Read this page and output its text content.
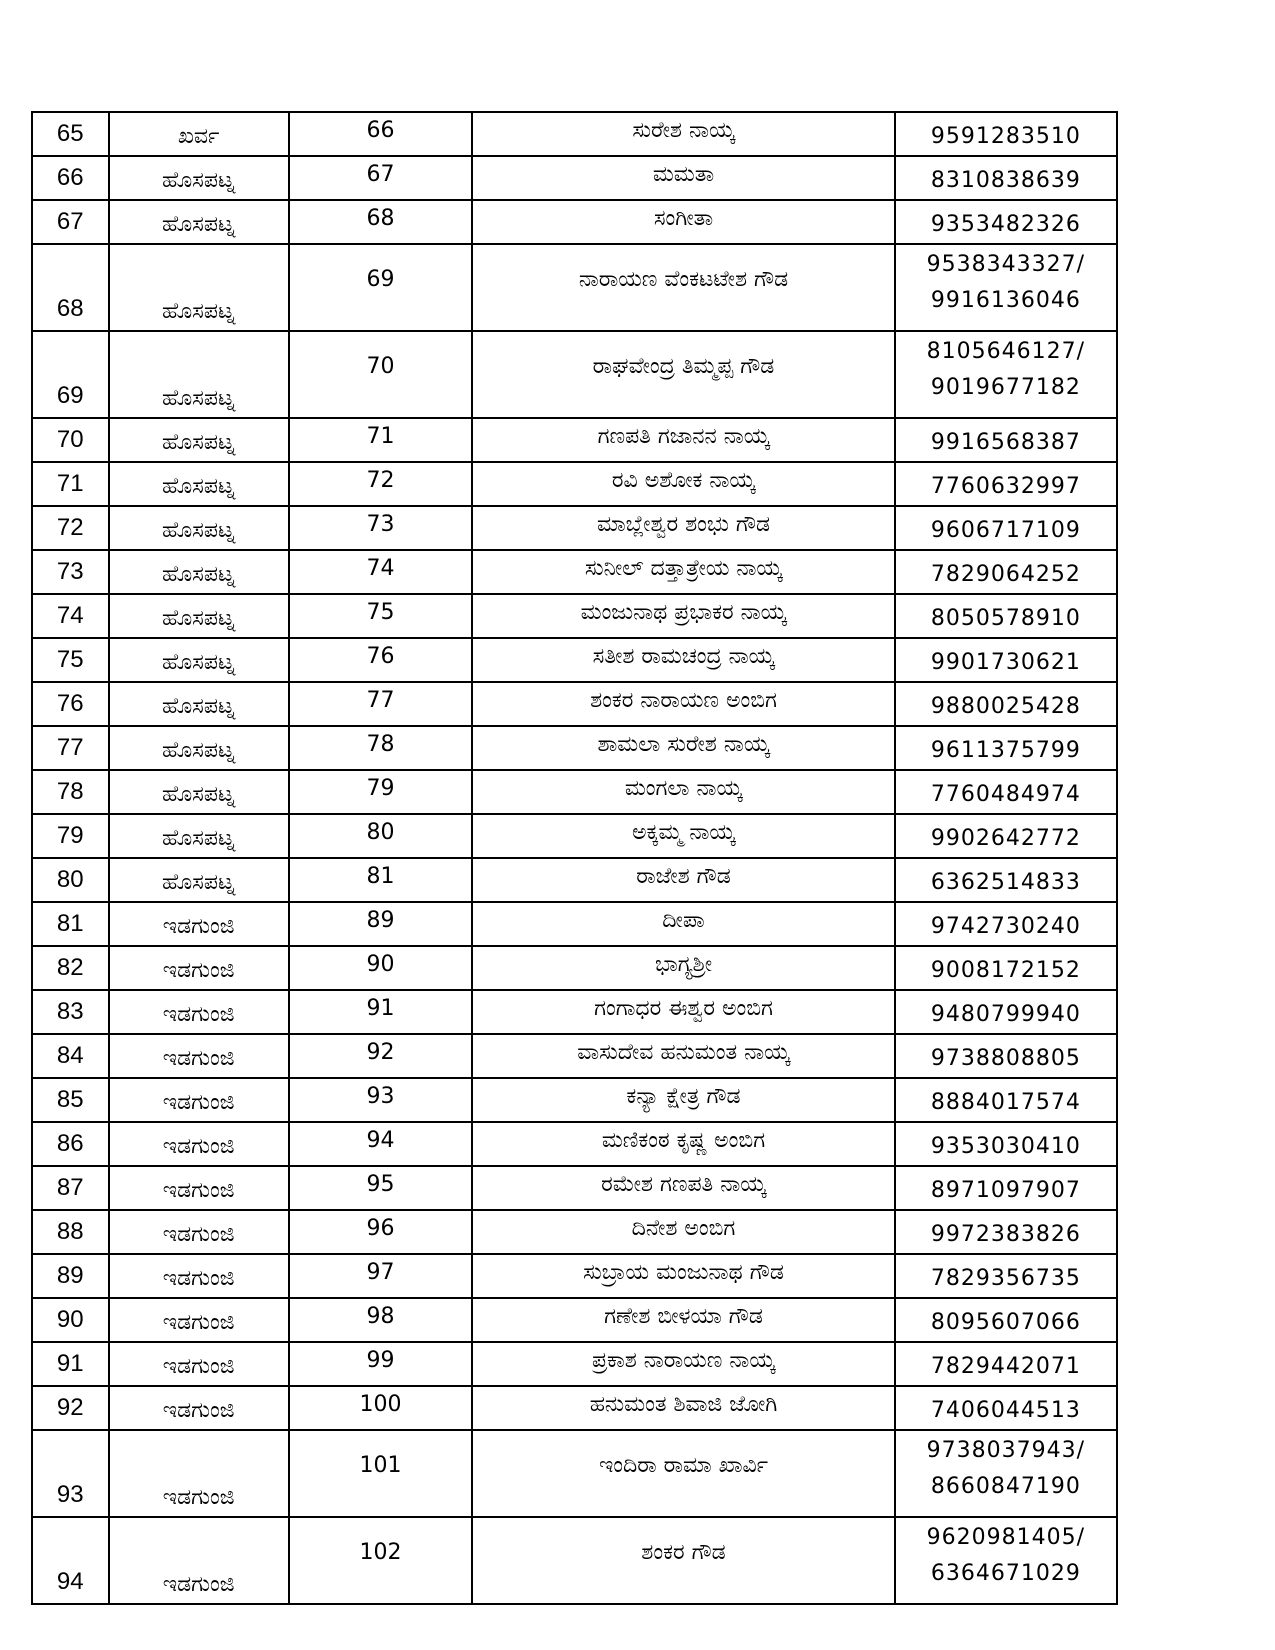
65	ಖರ್ವ	66	ಸುರೇಶ ನಾಯ್ಕ	9591283510

66	ಹೊಸಪಟ್ನ	67	ಮಮತಾ	8310838639

67	ಹೊಸಪಟ್ನ	68	ಸಂಗೀತಾ	9353482326

68	ಹೊಸಪಟ್ನ	69	ನಾರಾಯಣ ವೆಂಕಟಟೇಶ ಗೌಡ	9538343327/
9916136046

69	ಹೊಸಪಟ್ನ	70	ರಾಘವೇಂದ್ರ ತಿಮ್ಮಪ್ಪ ಗೌಡ	8105646127/
9019677182

70	ಹೊಸಪಟ್ನ	71	ಗಣಪತಿ ಗಜಾನನ ನಾಯ್ಕ	9916568387

71	ಹೊಸಪಟ್ನ	72	ರವಿ ಅಶೋಕ ನಾಯ್ಕ	7760632997

72	ಹೊಸಪಟ್ನ	73	ಮಾಬ್ಲೇಶ್ವರ ಶಂಭು ಗೌಡ	9606717109

73	ಹೊಸಪಟ್ನ	74	ಸುನೀಲ್ ದತ್ತಾತ್ರೇಯ ನಾಯ್ಕ	7829064252

74	ಹೊಸಪಟ್ನ	75	ಮಂಜುನಾಥ ಪ್ರಭಾಕರ ನಾಯ್ಕ	8050578910

75	ಹೊಸಪಟ್ನ	76	ಸತೀಶ ರಾಮಚಂದ್ರ ನಾಯ್ಕ	9901730621

76	ಹೊಸಪಟ್ನ	77	ಶಂಕರ ನಾರಾಯಣ ಅಂಬಿಗ	9880025428

77	ಹೊಸಪಟ್ನ	78	ಶಾಮಲಾ ಸುರೇಶ ನಾಯ್ಕ	9611375799

78	ಹೊಸಪಟ್ನ	79	ಮಂಗಲಾ ನಾಯ್ಕ	7760484974

79	ಹೊಸಪಟ್ನ	80	ಅಕ್ಕಮ್ಮ ನಾಯ್ಕ	9902642772

80	ಹೊಸಪಟ್ನ	81	ರಾಜೇಶ ಗೌಡ	6362514833

81	ಇಡಗುಂಜಿ	89	ದೀಪಾ	9742730240

82	ಇಡಗುಂಜಿ	90	ಭಾಗ್ಯಶ್ರೀ	9008172152

83	ಇಡಗುಂಜಿ	91	ಗಂಗಾಧರ ಈಶ್ವರ ಅಂಬಿಗ	9480799940

84	ಇಡಗುಂಜಿ	92	ವಾಸುದೇವ ಹನುಮಂತ ನಾಯ್ಕ	9738808805

85	ಇಡಗುಂಜಿ	93	ಕನ್ಯಾ ಕ್ಷೇತ್ರ ಗೌಡ	8884017574

86	ಇಡಗುಂಜಿ	94	ಮಣಿಕಂಠ ಕೃಷ್ಣ ಅಂಬಿಗ	9353030410

87	ಇಡಗುಂಜಿ	95	ರಮೇಶ ಗಣಪತಿ ನಾಯ್ಕ	8971097907

88	ಇಡಗುಂಜಿ	96	ದಿನೇಶ ಅಂಬಿಗ	9972383826

89	ಇಡಗುಂಜಿ	97	ಸುಬ್ರಾಯ ಮಂಜುನಾಥ ಗೌಡ	7829356735

90	ಇಡಗುಂಜಿ	98	ಗಣೇಶ ಬೀಳಯಾ ಗೌಡ	8095607066

91	ಇಡಗುಂಜಿ	99	ಪ್ರಕಾಶ ನಾರಾಯಣ ನಾಯ್ಕ	7829442071

92	ಇಡಗುಂಜಿ	100	ಹನುಮಂತ ಶಿವಾಜಿ ಜೋಗಿ	7406044513

93	ಇಡಗುಂಜಿ	101	ಇಂದಿರಾ ರಾಮಾ ಖಾರ್ವಿ	9738037943/
8660847190

94	ಇಡಗುಂಜಿ	102	ಶಂಕರ ಗೌಡ	9620981405/
6364671029
